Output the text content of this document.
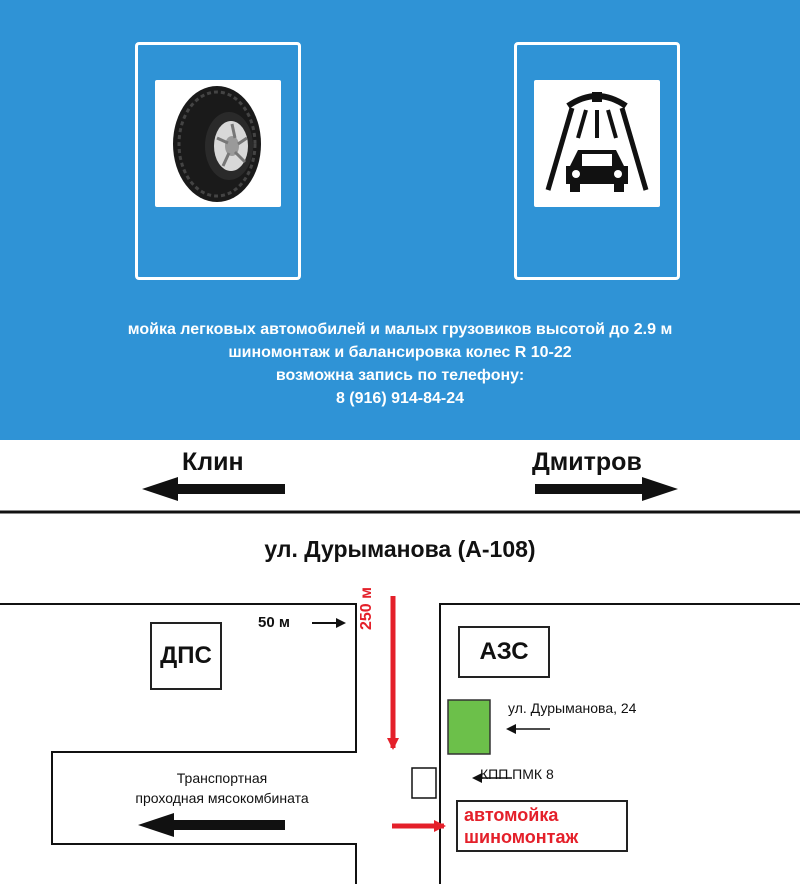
мойка легковых автомобилей и малых грузовиков высотой до 2.9 м
шиномонтаж и балансировка колес R 10-22
возможна запись по телефону:
8 (916) 914-84-24
Клин	Дмитров
ул. Дурыманова (А-108)
ДПС	АЗС
50 м	250 м
ул. Дурыманова, 24
КПП ПМК 8
Транспортная
проходная мясокомбината
автомойка
шиномонтаж
